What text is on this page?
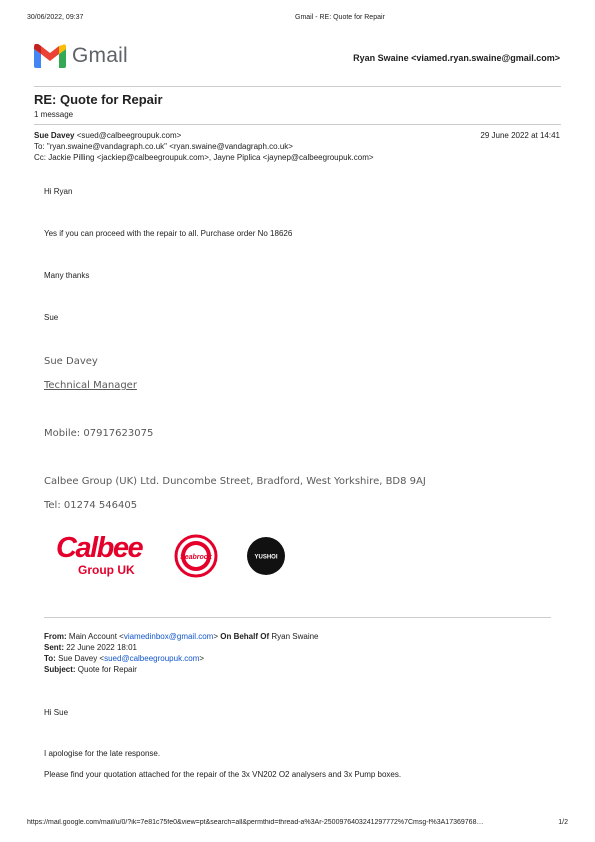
30/06/2022, 09:37	Gmail - RE: Quote for Repair
Gmail	Ryan Swaine <viamed.ryan.swaine@gmail.com>
RE: Quote for Repair
1 message
Sue Davey <sued@calbeegroupuk.com>	29 June 2022 at 14:41
To: "ryan.swaine@vandagraph.co.uk" <ryan.swaine@vandagraph.co.uk>
Cc: Jackie Pilling <jackiep@calbeegroupuk.com>, Jayne Piplica <jaynep@calbeegroupuk.com>
Hi Ryan
Yes if you can proceed with the repair to all. Purchase order No 18626
Many thanks
Sue
Sue Davey
Technical Manager
Mobile: 07917623075
Calbee Group (UK) Ltd. Duncombe Street, Bradford, West Yorkshire, BD8 9AJ
Tel: 01274 546405
Calbee
Group UK
Seabrook	YUSHOI
From: Main Account <viamedinbox@gmail.com> On Behalf Of Ryan Swaine
Sent: 22 June 2022 18:01
To: Sue Davey <sued@calbeegroupuk.com>
Subject: Quote for Repair
Hi Sue
I apologise for the late response.
Please find your quotation attached for the repair of the 3x VN202 O2 analysers and 3x Pump boxes.
https://mail.google.com/mail/u/0/?ik=7e81c75fe0&view=pt&search=all&permthid=thread-a%3Ar-2500976403241297772%7Cmsg-f%3A17369768…	1/2
